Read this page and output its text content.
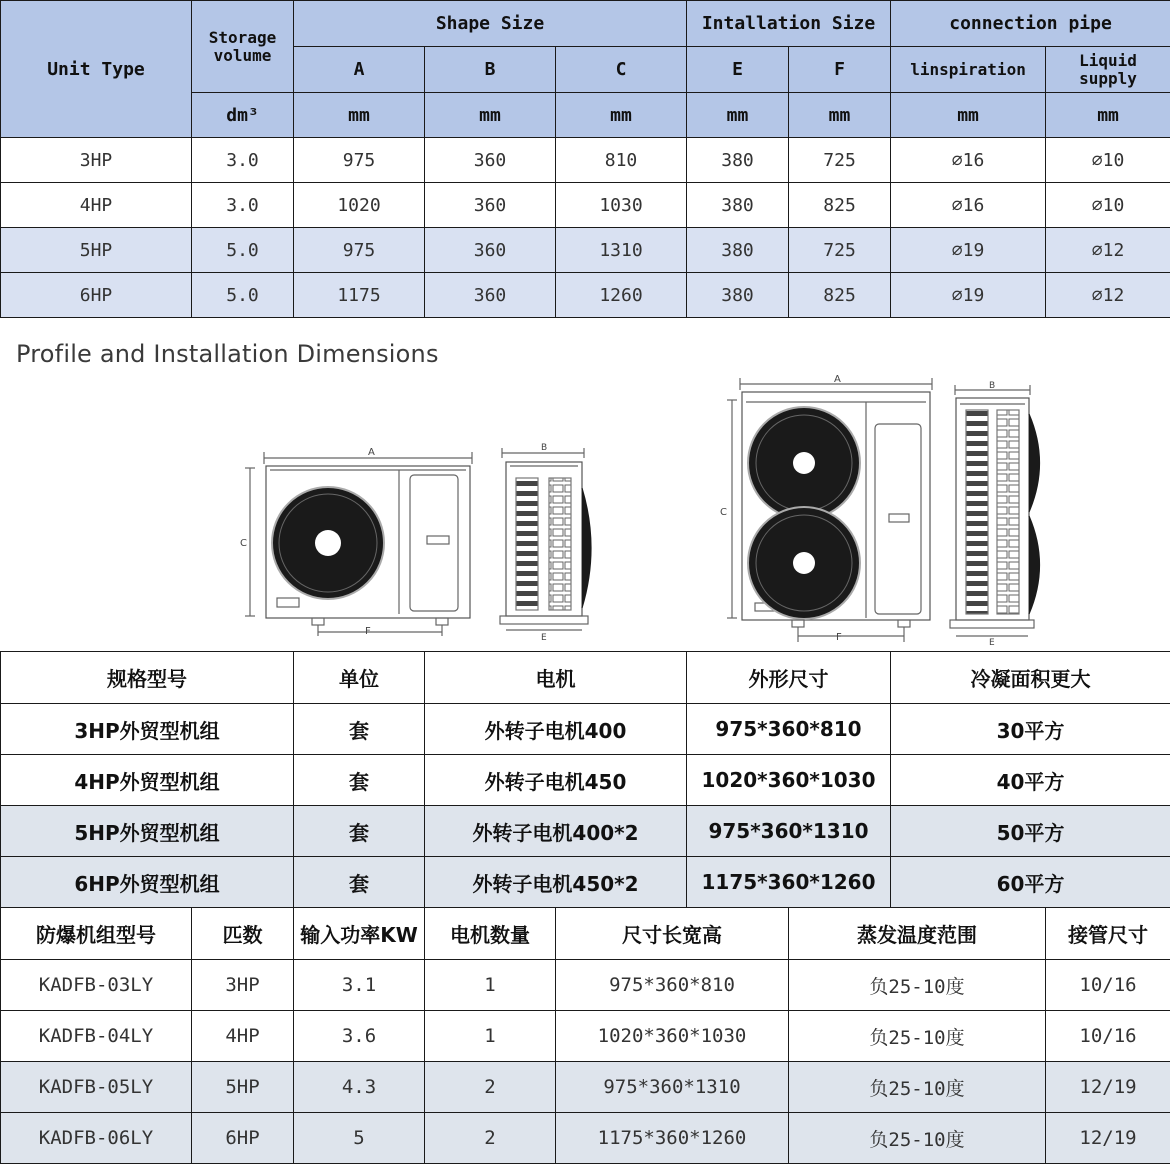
Unit Type	Storage volume	Shape Size			Intallation Size		connection pipe	
		A	B	C	E	F	linspiration	Liquid supply
	dm³	mm	mm	mm	mm	mm	mm	mm
3HP	3.0	975	360	810	380	725	⌀16	⌀10
4HP	3.0	1020	360	1030	380	825	⌀16	⌀10
5HP	5.0	975	360	1310	380	725	⌀19	⌀12
6HP	5.0	1175	360	1260	380	825	⌀19	⌀12
Profile and Installation Dimensions
A
C
F
B
E
A
C
F
B
E
规格型号	单位	电机	外形尺寸	冷凝面积更大
3HP外贸型机组	套	外转子电机400	975*360*810	30平方
4HP外贸型机组	套	外转子电机450	1020*360*1030	40平方
5HP外贸型机组	套	外转子电机400*2	975*360*1310	50平方
6HP外贸型机组	套	外转子电机450*2	1175*360*1260	60平方
防爆机组型号	匹数	输入功率KW	电机数量	尺寸长宽高	蒸发温度范围	接管尺寸
KADFB-03LY	3HP	3.1	1	975*360*810	负25-10度	10/16
KADFB-04LY	4HP	3.6	1	1020*360*1030	负25-10度	10/16
KADFB-05LY	5HP	4.3	2	975*360*1310	负25-10度	12/19
KADFB-06LY	6HP	5	2	1175*360*1260	负25-10度	12/19
